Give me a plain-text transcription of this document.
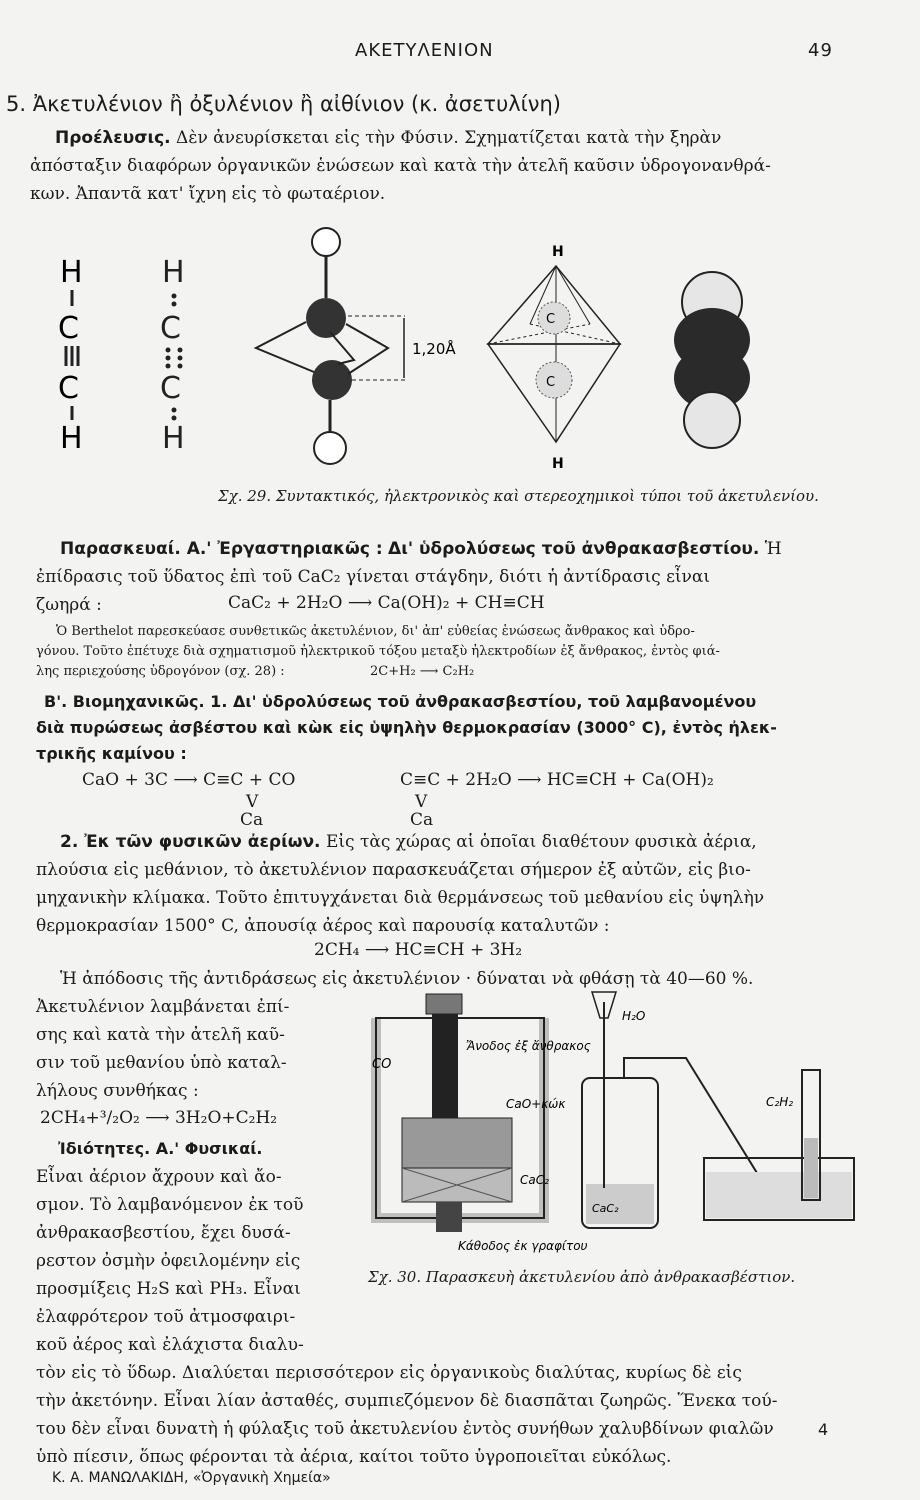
ΑΚΕΤΥΛΕΝΙΟΝ	49
5. Ἀκετυλένιον ἢ ὀξυλένιον ἢ αἰθίνιον (κ. ἀσετυλίνη)
Προέλευσις. Δὲν ἀνευρίσκεται εἰς τὴν Φύσιν. Σχηματίζεται κατὰ τὴν ξηρὰν
ἀπόσταξιν διαφόρων ὀργανικῶν ἑνώσεων καὶ κατὰ τὴν ἀτελῆ καῦσιν ὑδρογονανθρά-
κων. Ἀπαντᾶ κατ' ἴχνη εἰς τὸ φωταέριον.
H
C
C
H
H
C
C
H
1,20Å
H
H
C
C
Σχ. 29. Συντακτικός, ἠλεκτρονικὸς καὶ στερεοχημικοὶ τύποι τοῦ ἀκετυλενίου.
Παρασκευαί. Α.' Ἐργαστηριακῶς : Δι' ὑδρολύσεως τοῦ ἀνθρακασβεστίου. Ἡ
ἐπίδρασις τοῦ ὕδατος ἐπὶ τοῦ CaC₂ γίνεται στάγδην, διότι ἡ ἀντίδρασις εἶναι
ζωηρά :	CaC₂ + 2H₂O ⟶ Ca(OH)₂ + CH≡CH
Ὁ Berthelot παρεσκεύασε συνθετικῶς ἀκετυλένιον, δι' ἀπ' εὐθείας ἑνώσεως ἄνθρακος καὶ ὑδρο-
γόνου. Τοῦτο ἐπέτυχε διὰ σχηματισμοῦ ἠλεκτρικοῦ τόξου μεταξὺ ἠλεκτροδίων ἐξ ἄνθρακος, ἐντὸς φιά-
λης περιεχούσης ὑδρογόνον (σχ. 28) :	2C+H₂ ⟶ C₂H₂
Β'. Βιομηχανικῶς. 1. Δι' ὑδρολύσεως τοῦ ἀνθρακασβεστίου, τοῦ λαμβανομένου
διὰ πυρώσεως ἀσβέστου καὶ κὼκ εἰς ὑψηλὴν θερμοκρασίαν (3000° C), ἐντὸς ἠλεκ-
τρικῆς καμίνου :
CaO + 3C ⟶ C≡C + CO	C≡C + 2H₂O ⟶ HC≡CH + Ca(OH)₂
V
Ca
V
Ca
2. Ἐκ τῶν φυσικῶν ἀερίων. Εἰς τὰς χώρας αἱ ὁποῖαι διαθέτουν φυσικὰ ἀέρια,
πλούσια εἰς μεθάνιον, τὸ ἀκετυλένιον παρασκευάζεται σήμερον ἐξ αὐτῶν, εἰς βιο-
μηχανικὴν κλίμακα. Τοῦτο ἐπιτυγχάνεται διὰ θερμάνσεως τοῦ μεθανίου εἰς ὑψηλὴν
θερμοκρασίαν 1500° C, ἀπουσίᾳ ἀέρος καὶ παρουσίᾳ καταλυτῶν :
2CH₄ ⟶ HC≡CH + 3H₂
Ἡ ἀπόδοσις τῆς ἀντιδράσεως εἰς ἀκετυλένιον · δύναται νὰ φθάσῃ τὰ 40—60 %.
Ἀκετυλένιον λαμβάνεται ἐπί-
σης καὶ κατὰ τὴν ἀτελῆ καῦ-
σιν τοῦ μεθανίου ὑπὸ καταλ-
λήλους συνθήκας :
2CH₄+³/₂O₂ ⟶ 3H₂O+C₂H₂
Ἰδιότητες. Α.' Φυσικαί.
Εἶναι ἀέριον ἄχρουν καὶ ἄο-
σμον. Τὸ λαμβανόμενον ἐκ τοῦ
ἀνθρακασβεστίου, ἔχει δυσά-
ρεστον ὀσμὴν ὀφειλομένην εἰς
προσμίξεις H₂S καὶ PH₃. Εἶναι
ἐλαφρότερον τοῦ ἀτμοσφαιρι-
κοῦ ἀέρος καὶ ἐλάχιστα διαλυ-
CO
Ἄνοδος ἐξ ἄνθρακος
CaO+κώκ
CaC₂
Κάθοδος ἐκ γραφίτου
H₂O
CaC₂
C₂H₂
Σχ. 30. Παρασκευὴ ἀκετυλενίου ἀπὸ ἀνθρακασβέστιον.
τὸν εἰς τὸ ὕδωρ. Διαλύεται περισσότερον εἰς ὀργανικοὺς διαλύτας, κυρίως δὲ εἰς
τὴν ἀκετόνην. Εἶναι λίαν ἀσταθές, συμπιεζόμενον δὲ διασπᾶται ζωηρῶς. Ἕνεκα τού-
του δὲν εἶναι δυνατὴ ἡ φύλαξις τοῦ ἀκετυλενίου ἐντὸς συνήθων χαλυβδίνων φιαλῶν
ὑπὸ πίεσιν, ὅπως φέρονται τὰ ἀέρια, καίτοι τοῦτο ὑγροποιεῖται εὐκόλως.
Κ. Α. ΜΑΝΩΛΑΚΙΔΗ, «Ὀργανικὴ Χημεία»
4
